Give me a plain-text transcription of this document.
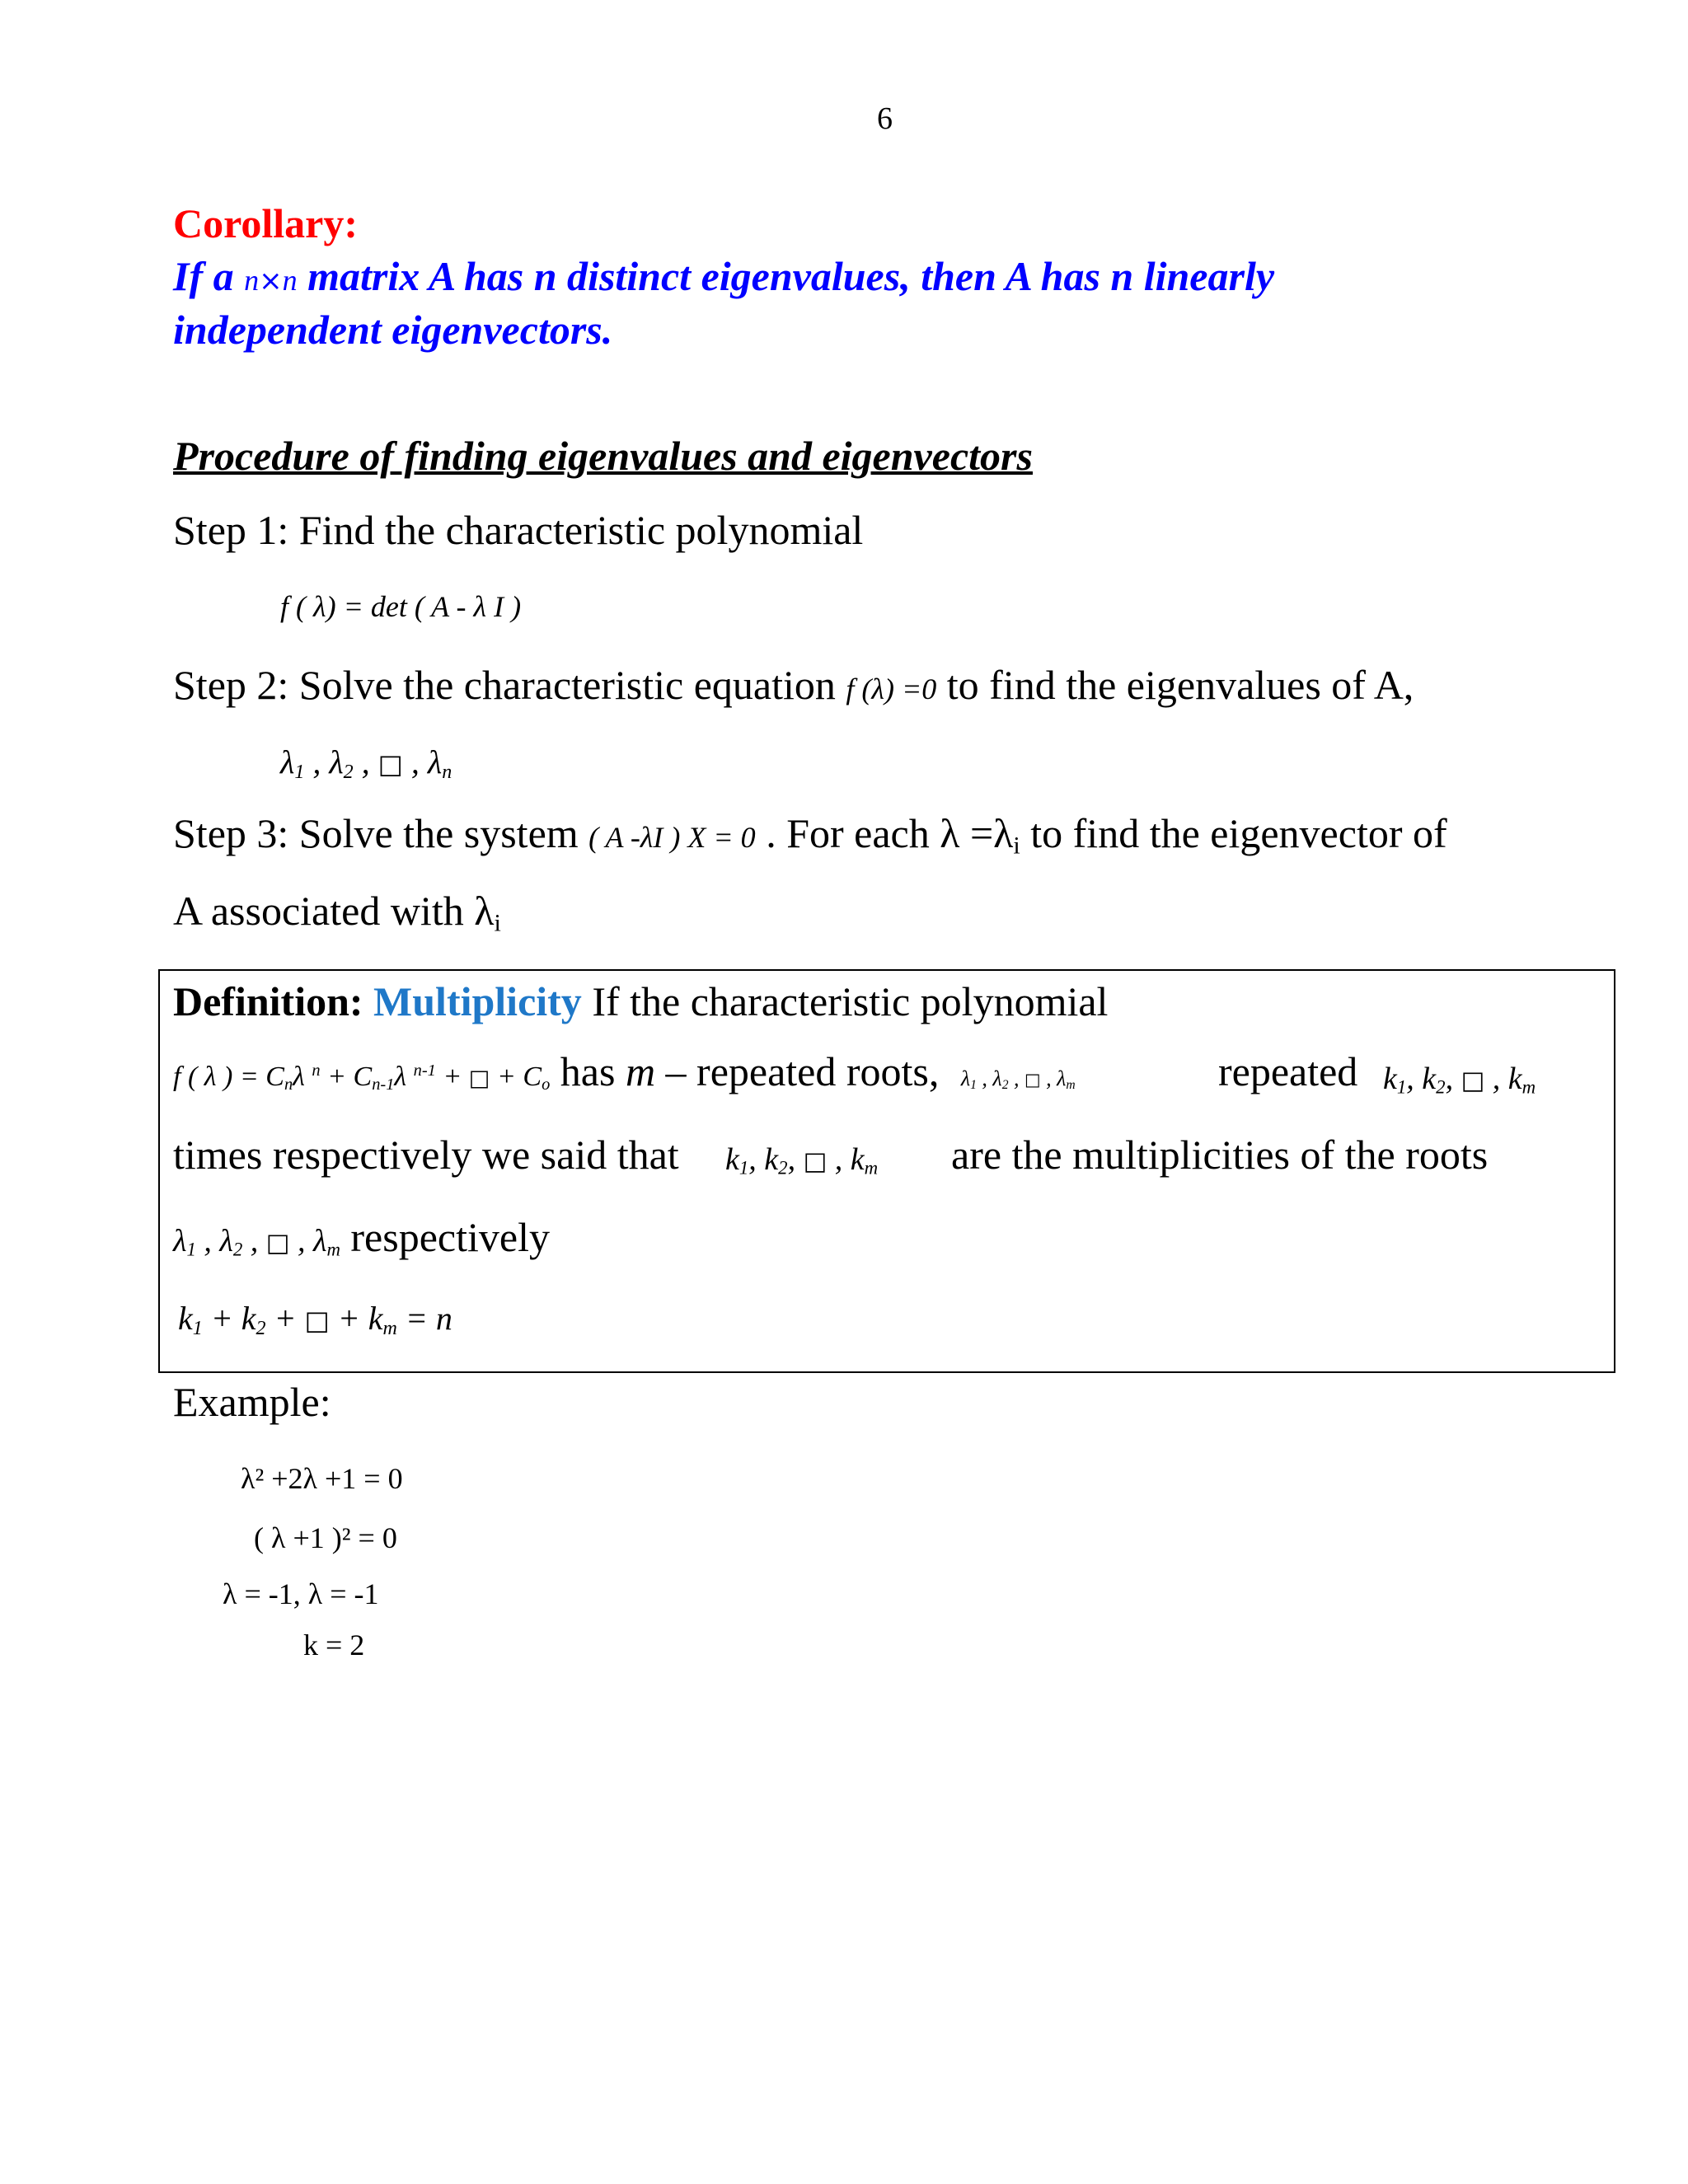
6
Corollary:
If a n×n matrix A has n distinct eigenvalues, then A has n linearly
independent eigenvectors.
Procedure of finding eigenvalues and eigenvectors
Step 1: Find the characteristic polynomial
f ( λ) = det ( A - λ I )
Step 2: Solve the characteristic equation f (λ) =0 to find the eigenvalues of A,
$\lambda_1$ , $\lambda_2$ , □ , $\lambda_n$
Step 3: Solve the system ( A -λI ) X = 0 . For each $\lambda =\lambda_i$ to find the eigenvector of
A associated with $\lambda_i$
Definition: Multiplicity If the characteristic polynomial
f ( λ ) = $C_n\lambda$ $^n + C_{n-1}\lambda$ $^{n-1}$ + □ + $C_o$ has m – repeated roots, $\lambda_1$ , $\lambda_2$ , □ , $\lambda_m$	repeated $k_1$, $k_2$, □ , $k_m$
times respectively we said that $k_1$, $k_2$, □ , $k_m$ are the multiplicities of the roots
$\lambda_1$ , $\lambda_2$ , □ , $\lambda_m$ respectively
$k_1 + k_2$ + □ + $k_m = n$
Example:
λ² +2λ +1 = 0
( λ +1 )² = 0
λ = -1, λ = -1
k = 2
